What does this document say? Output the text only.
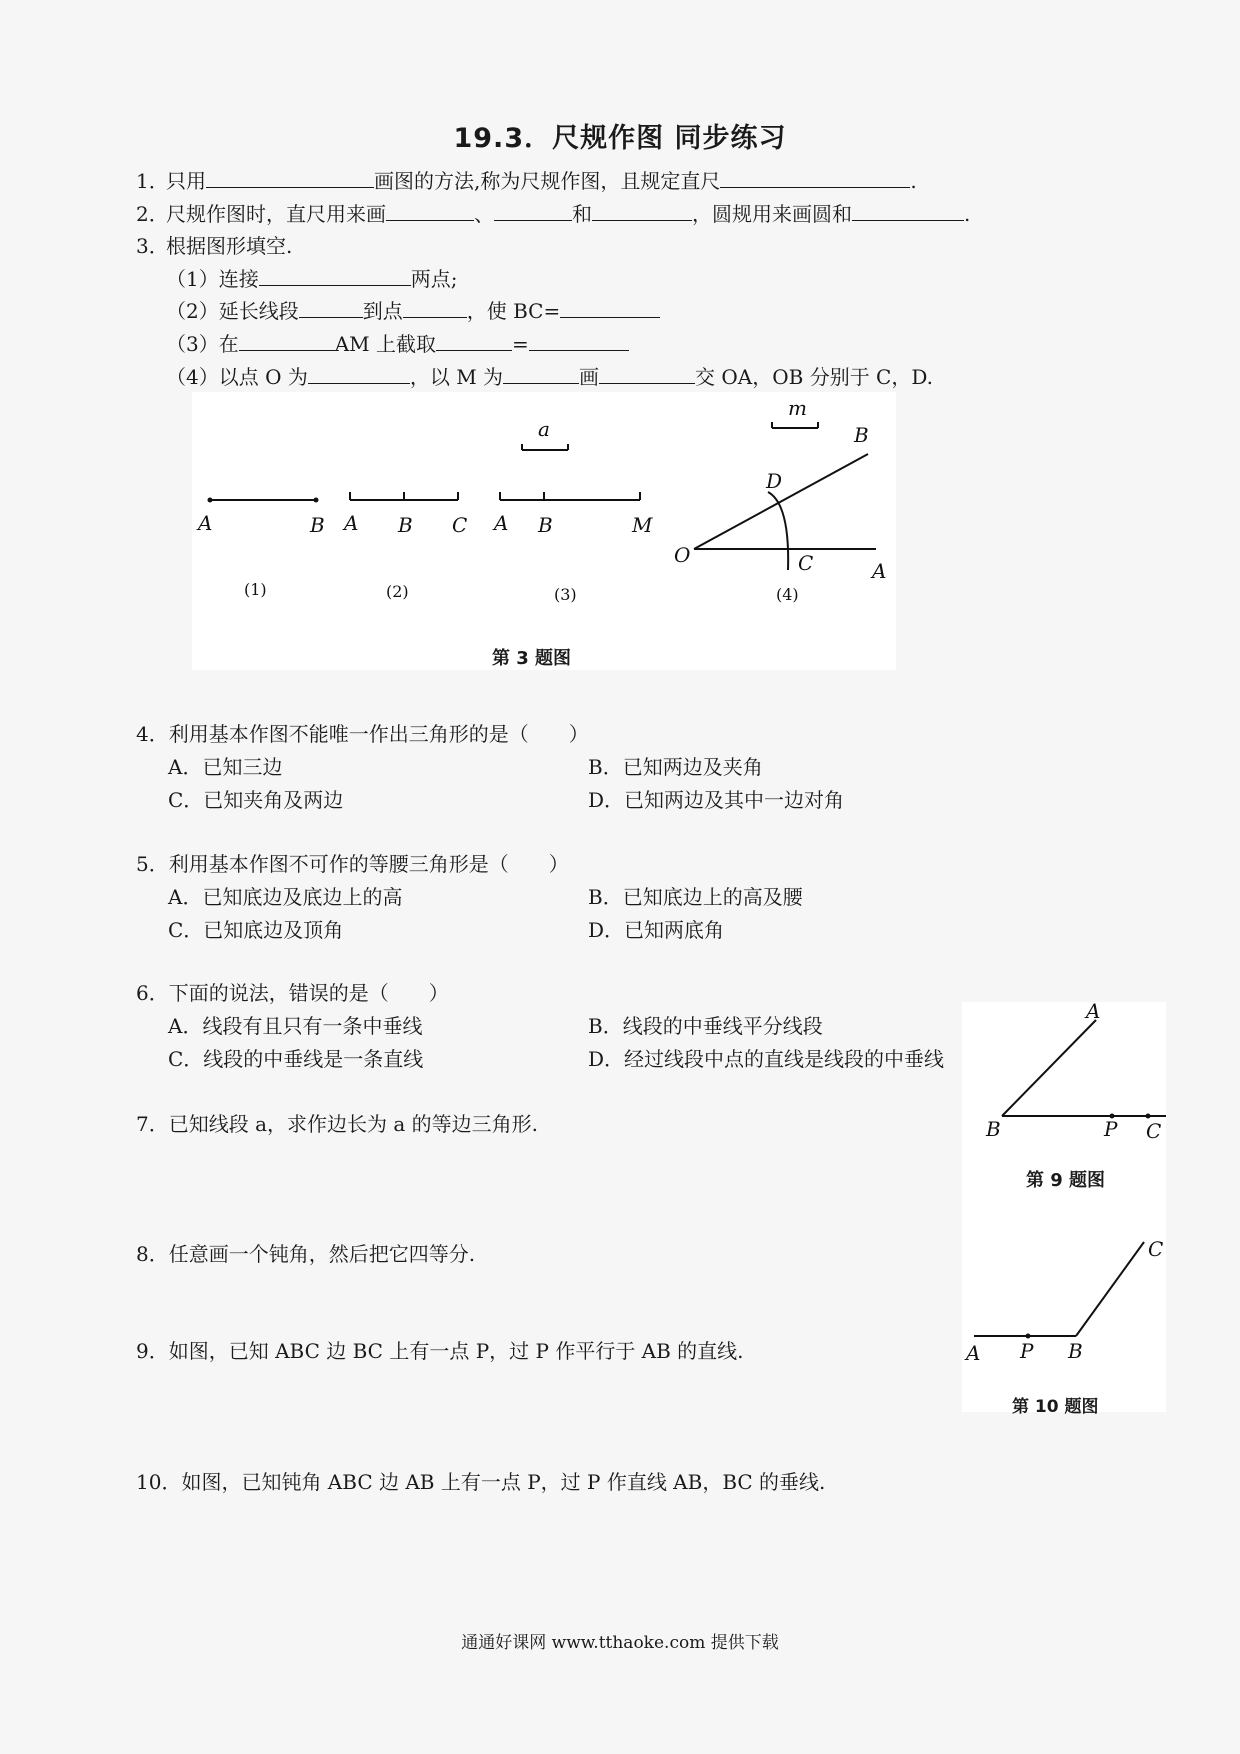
19.3．尺规作图 同步练习
1．只用	画图的方法,称为尺规作图，且规定直尺	.
2．尺规作图时，直尺用来画	、	和	，圆规用来画圆和	.
3．根据图形填空.
（1）连接	两点;
（2）延长线段	到点	，使 BC=
（3）在	AM 上截取	=
（4）以点 O 为	，以 M 为	画	交 OA，OB 分别于 C，D.
A	B A B C A B	M
a
O
D
C	A
B
m
(1)	(2)	(3)	(4)
第 3 题图
4．利用基本作图不能唯一作出三角形的是（　　）
A．已知三边	B．已知两边及夹角
C．已知夹角及两边	D．已知两边及其中一边对角
5．利用基本作图不可作的等腰三角形是（　　）
A．已知底边及底边上的高	B．已知底边上的高及腰
C．已知底边及顶角	D．已知两底角
6．下面的说法，错误的是（　　）
A．线段有且只有一条中垂线	B．线段的中垂线平分线段
C．线段的中垂线是一条直线	D．经过线段中点的直线是线段的中垂线
7．已知线段 a，求作边长为 a 的等边三角形.
8．任意画一个钝角，然后把它四等分.
9．如图，已知 ABC 边 BC 上有一点 P，过 P 作平行于 AB 的直线.
10．如图，已知钝角 ABC 边 AB 上有一点 P，过 P 作直线 AB，BC 的垂线.
A
B	P C
A P B
C
第 9 题图
第 10 题图
通通好课网 www.tthaoke.com 提供下载
